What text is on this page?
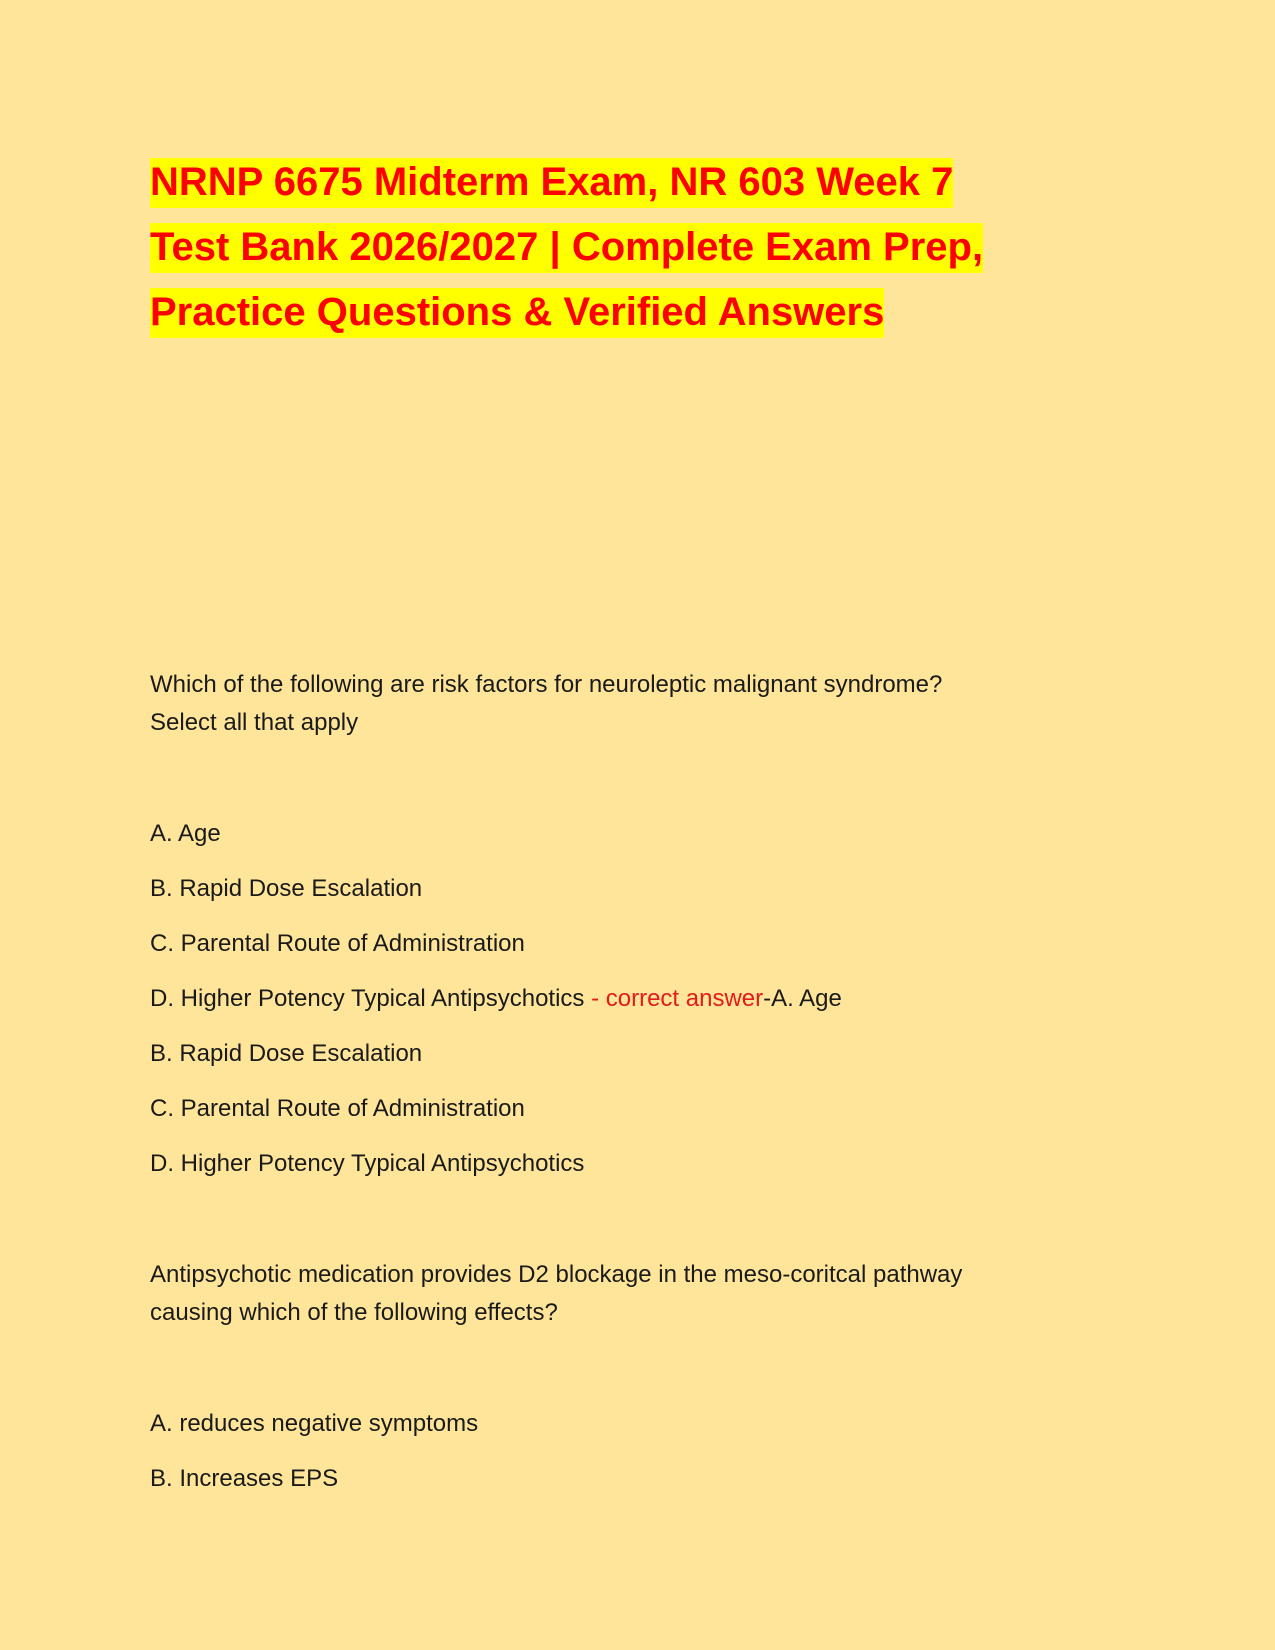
NRNP 6675 Midterm Exam, NR 603 Week 7
Test Bank 2026/2027 | Complete Exam Prep,
Practice Questions & Verified Answers
Which of the following are risk factors for neuroleptic malignant syndrome?
Select all that apply
A. Age
B. Rapid Dose Escalation
C. Parental Route of Administration
D. Higher Potency Typical Antipsychotics - correct answer-A. Age
B. Rapid Dose Escalation
C. Parental Route of Administration
D. Higher Potency Typical Antipsychotics
Antipsychotic medication provides D2 blockage in the meso-coritcal pathway
causing which of the following effects?
A. reduces negative symptoms
B. Increases EPS
